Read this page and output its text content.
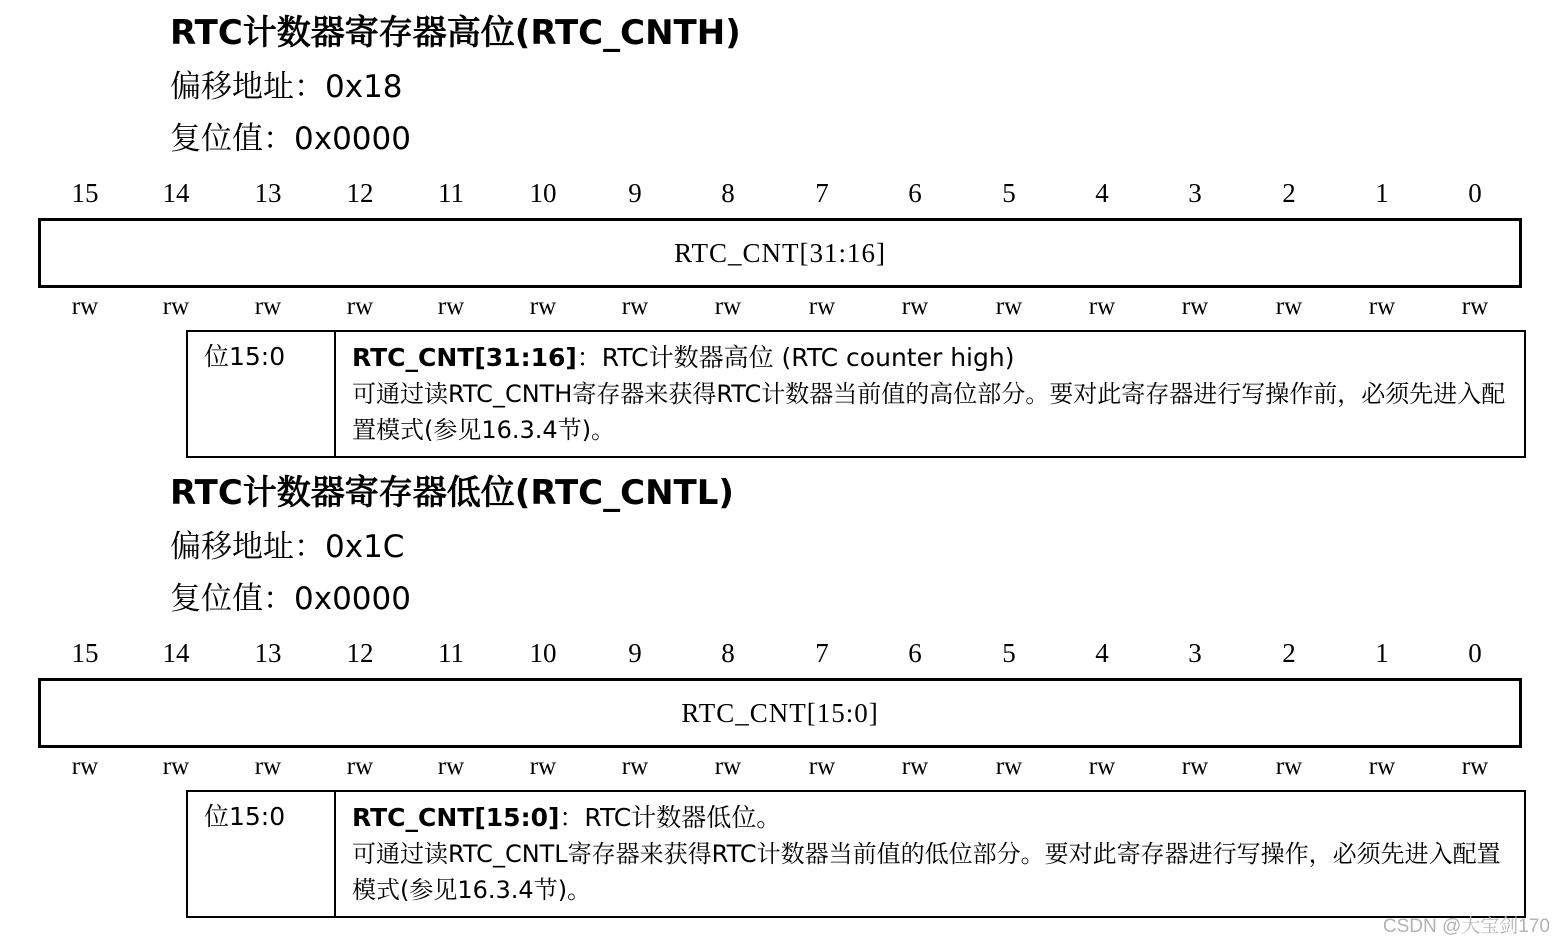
RTC计数器寄存器高位(RTC_CNTH)
偏移地址：0x18
复位值：0x0000
15	14	13	12	11	10	9	8	7	6	5	4	3	2	1	0
RTC_CNT[31:16]
rw	rw	rw	rw	rw	rw	rw	rw	rw	rw	rw	rw	rw	rw	rw	rw
位15:0	RTC_CNT[31:16]：RTC计数器高位 (RTC counter high)
可通过读RTC_CNTH寄存器来获得RTC计数器当前值的高位部分。要对此寄存器进行写操作前，必须先进入配置模式(参见16.3.4节)。
RTC计数器寄存器低位(RTC_CNTL)
偏移地址：0x1C
复位值：0x0000
15	14	13	12	11	10	9	8	7	6	5	4	3	2	1	0
RTC_CNT[15:0]
rw	rw	rw	rw	rw	rw	rw	rw	rw	rw	rw	rw	rw	rw	rw	rw
位15:0	RTC_CNT[15:0]：RTC计数器低位。
可通过读RTC_CNTL寄存器来获得RTC计数器当前值的低位部分。要对此寄存器进行写操作，必须先进入配置模式(参见16.3.4节)。
CSDN @大宝剑170
